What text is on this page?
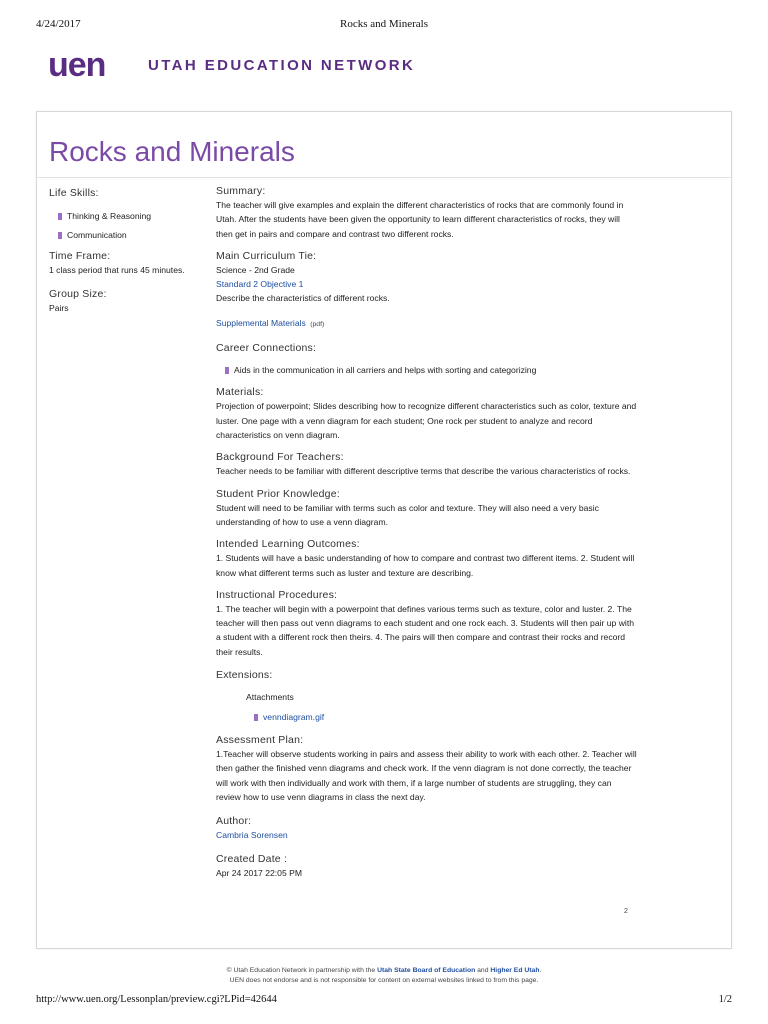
4/24/2017	Rocks and Minerals
uen	UTAH EDUCATION NETWORK
Rocks and Minerals
Life Skills:
Thinking & Reasoning
Communication
Time Frame:
1 class period that runs 45 minutes.
Group Size:
Pairs
Summary:
The teacher will give examples and explain the different characteristics of rocks that are commonly found in
Utah. After the students have been given the opportunity to learn different characteristics of rocks, they will
then get in pairs and compare and contrast two different rocks.
Main Curriculum Tie:
Science - 2nd Grade
Standard 2 Objective 1
Describe the characteristics of different rocks.
Supplemental Materials (pdf)
Career Connections:
Aids in the communication in all carriers and helps with sorting and categorizing
Materials:
Projection of powerpoint; Slides describing how to recognize different characteristics such as color, texture and
luster. One page with a venn diagram for each student; One rock per student to analyze and record
characteristics on venn diagram.
Background For Teachers:
Teacher needs to be familiar with different descriptive terms that describe the various characteristics of rocks.
Student Prior Knowledge:
Student will need to be familiar with terms such as color and texture. They will also need a very basic
understanding of how to use a venn diagram.
Intended Learning Outcomes:
1. Students will have a basic understanding of how to compare and contrast two different items. 2. Student will
know what different terms such as luster and texture are describing.
Instructional Procedures:
1. The teacher will begin with a powerpoint that defines various terms such as texture, color and luster. 2. The
teacher will then pass out venn diagrams to each student and one rock each. 3. Students will then pair up with
a student with a different rock then theirs. 4. The pairs will then compare and contrast their rocks and record
their results.
Extensions:
Attachments
venndiagram.gif
Assessment Plan:
1.Teacher will observe students working in pairs and assess their ability to work with each other. 2. Teacher will
then gather the finished venn diagrams and check work. If the venn diagram is not done correctly, the teacher
will work with then individually and work with them, if a large number of students are struggling, they can
review how to use venn diagrams in class the next day.
Author:
Cambria Sorensen
Created Date :
Apr 24 2017 22:05 PM
2
© Utah Education Network in partnership with the Utah State Board of Education and Higher Ed Utah.
UEN does not endorse and is not responsible for content on external websites linked to from this page.
http://www.uen.org/Lessonplan/preview.cgi?LPid=42644	1/2
